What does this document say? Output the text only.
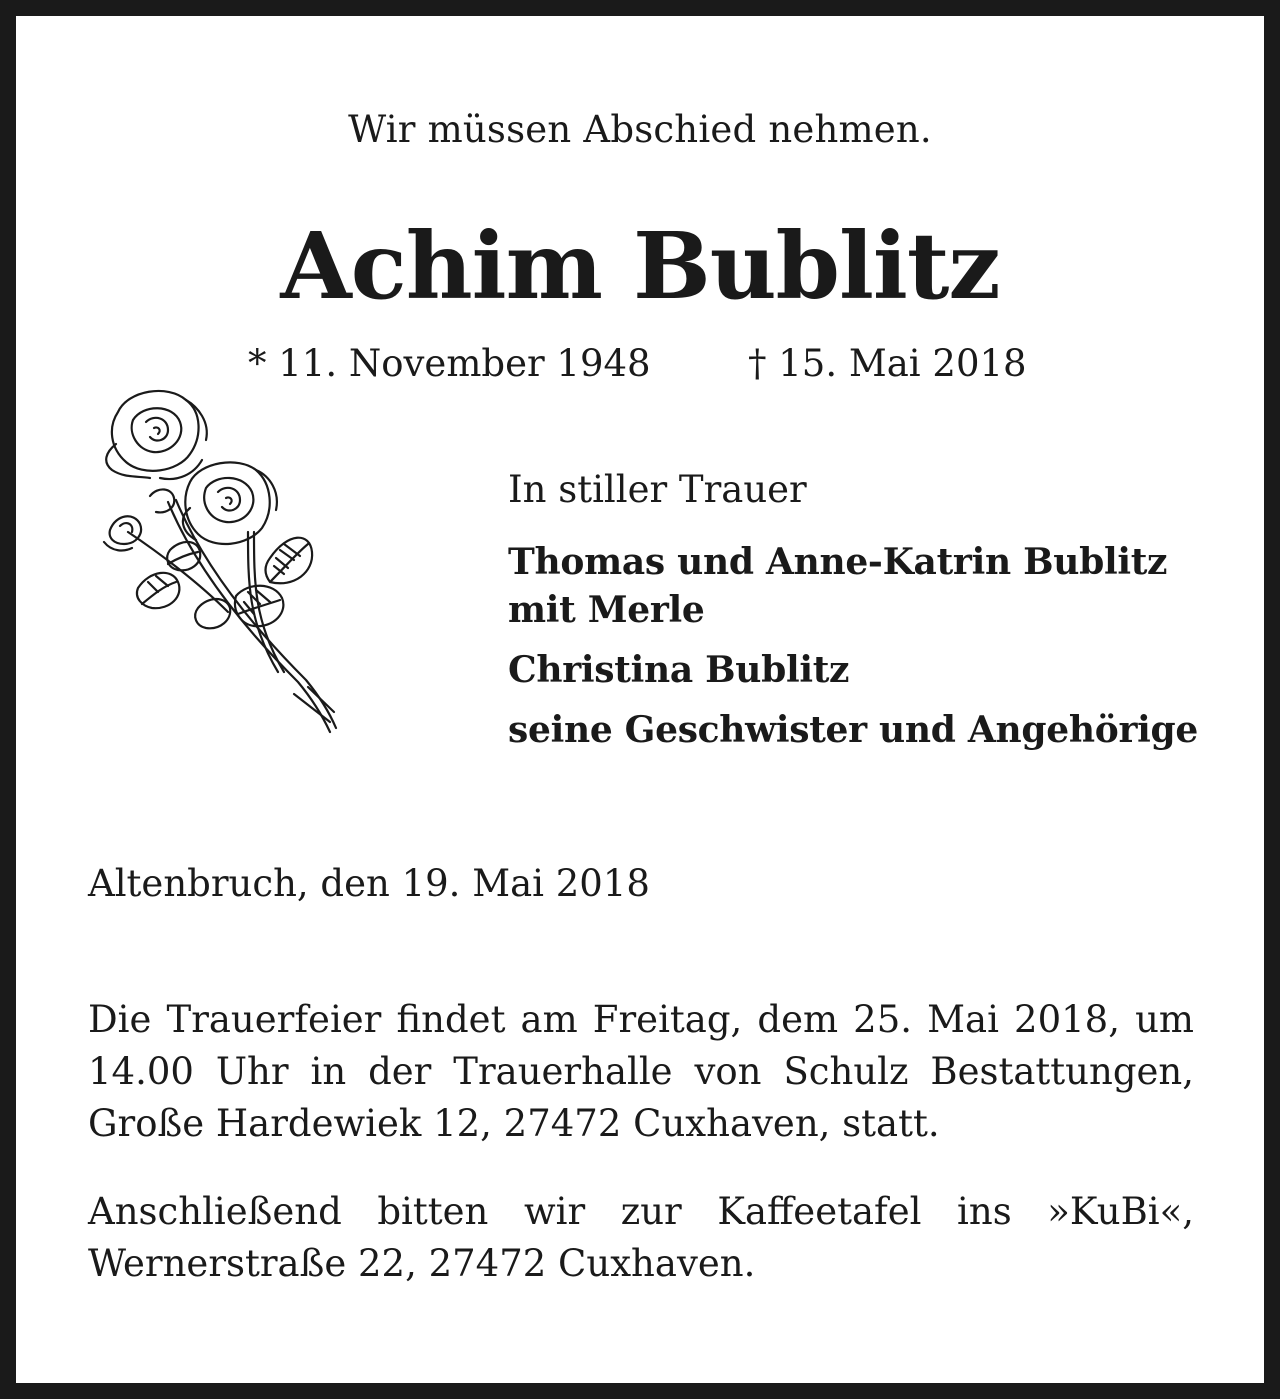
Wir müssen Abschied nehmen.
Achim Bublitz
* 11. November 1948	† 15. Mai 2018

In stiller Trauer

Thomas und Anne-Katrin Bublitz mit Merle

Christina Bublitz

seine Geschwister und Angehörige

Altenbruch, den 19. Mai 2018

Die Trauerfeier findet am Freitag, dem 25. Mai 2018, um 14.00 Uhr in der Trauerhalle von Schulz Bestattungen, Große Hardewiek 12, 27472 Cuxhaven, statt.

Anschließend bitten wir zur Kaffeetafel ins »KuBi«, Wernerstraße 22, 27472 Cuxhaven.
